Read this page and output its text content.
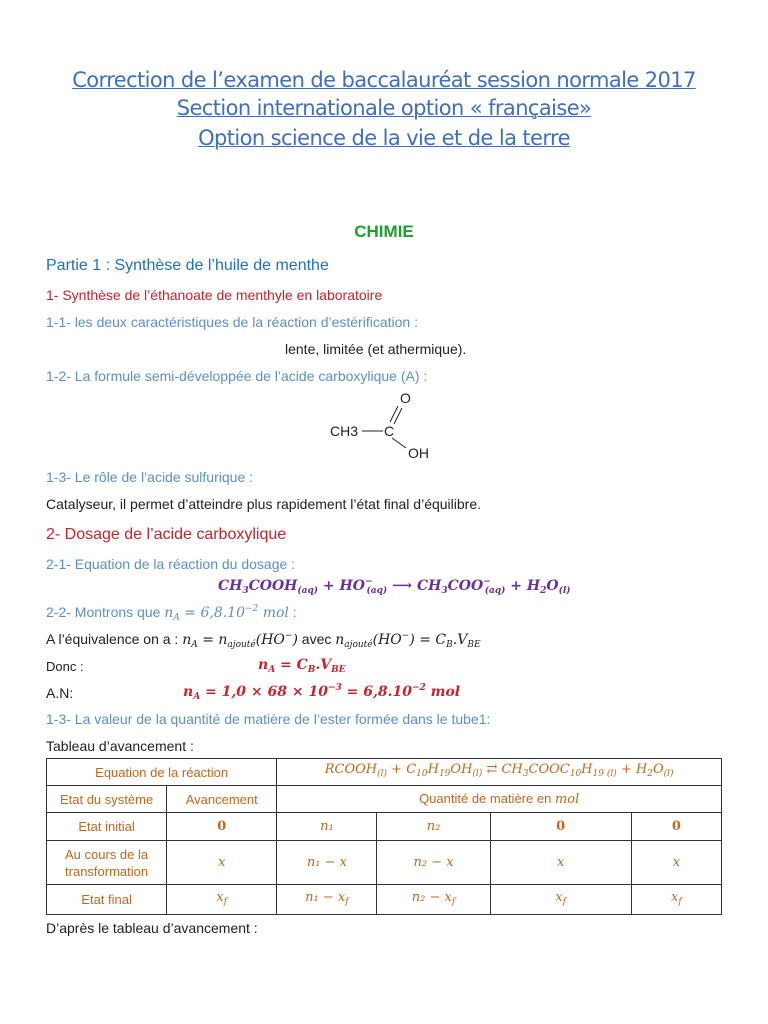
Correction de l’examen de baccalauréat session normale 2017
Section internationale option « française»
Option science de la vie et de la terre
CHIMIE
Partie 1 : Synthèse de l’huile de menthe
1- Synthèse de l’éthanoate de menthyle en laboratoire
1-1- les deux caractéristiques de la réaction d’estérification :
lente, limitée (et athermique).
1-2- La formule semi-développée de l’acide carboxylique (A) :
CH3 C
O
OH
1-3- Le rôle de l’acide sulfurique :
Catalyseur, il permet d’atteindre plus rapidement l’état final d’équilibre.
2- Dosage de l’acide carboxylique
2-1- Equation de la réaction du dosage :
$CH_3COOH_{(aq)} + HO^-_{(aq)}$ ⟶ $CH_3COO^-_{(aq)} + H_2O_{(l)}$
2-2- Montrons que $n_A = 6,8.10^{-2}$ mol :
A l’équivalence on a : $n_A = n_{ajouté}(HO^-)$ avec $n_{ajouté}(HO^-) = C_B.V_{BE}$
Donc :	$n_A = C_B.V_{BE}$
A.N:	$n_A = 1,0 \times 68 \times 10^{-3} = 6,8.10^{-2}$ mol
1-3- La valeur de la quantité de matière de l’ester formée dans le tube1:
Tableau d’avancement :
Equation de la réaction		$RCOOH_{(l)} + C_{10}H_{19}OH_{(l)}$ ⇄ $CH_3COOC_{10}H_{19 (l)} + H_2O_{(l)}$
Etat du système	Avancement	Quantité de matière en mol			
Etat initial	0	n₁	n₂	0	0
Au cours de la transformation	x	n₁ − x	n₂ − x	x	x
Etat final	$x_f$	$n_1 - x_f$	$n_2 - x_f$	$x_f$	$x_f$
D’après le tableau d’avancement :
